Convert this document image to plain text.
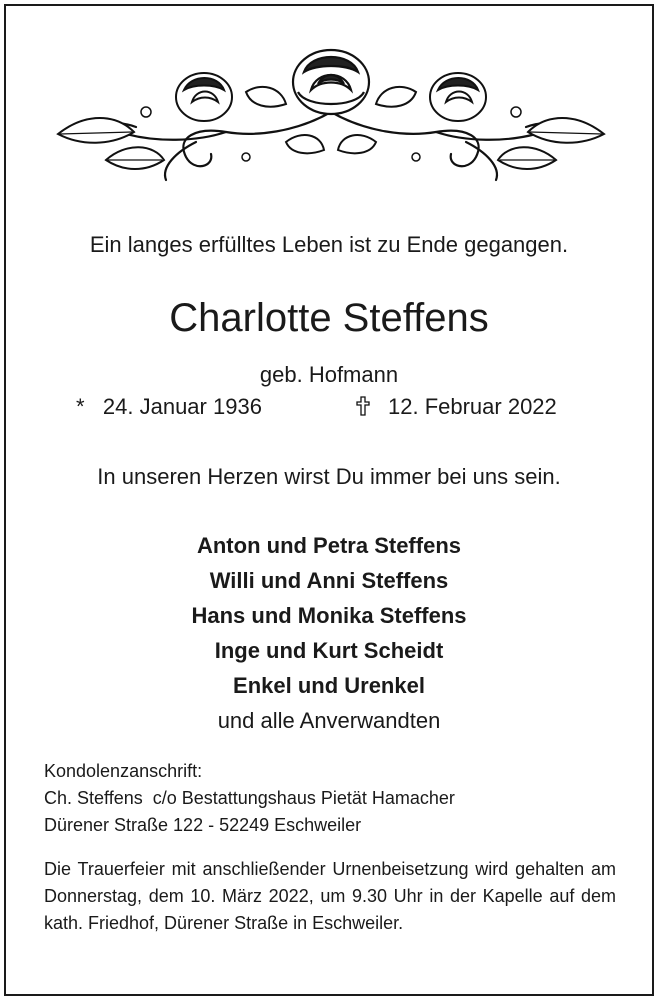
Ein langes erfülltes Leben ist zu Ende gegangen.
Charlotte Steffens
geb. Hofmann
* 24. Januar 1936	12. Februar 2022
In unseren Herzen wirst Du immer bei uns sein.
Anton und Petra Steffens
Willi und Anni Steffens
Hans und Monika Steffens
Inge und Kurt Scheidt
Enkel und Urenkel
und alle Anverwandten
Kondolenzanschrift:
Ch. Steffens  c/o Bestattungshaus Pietät Hamacher
Dürener Straße 122 - 52249 Eschweiler
Die Trauerfeier mit anschließender Urnenbeisetzung wird gehalten am Donnerstag, dem 10. März 2022, um 9.30 Uhr in der Kapelle auf dem kath. Friedhof, Dürener Straße in Eschweiler.
